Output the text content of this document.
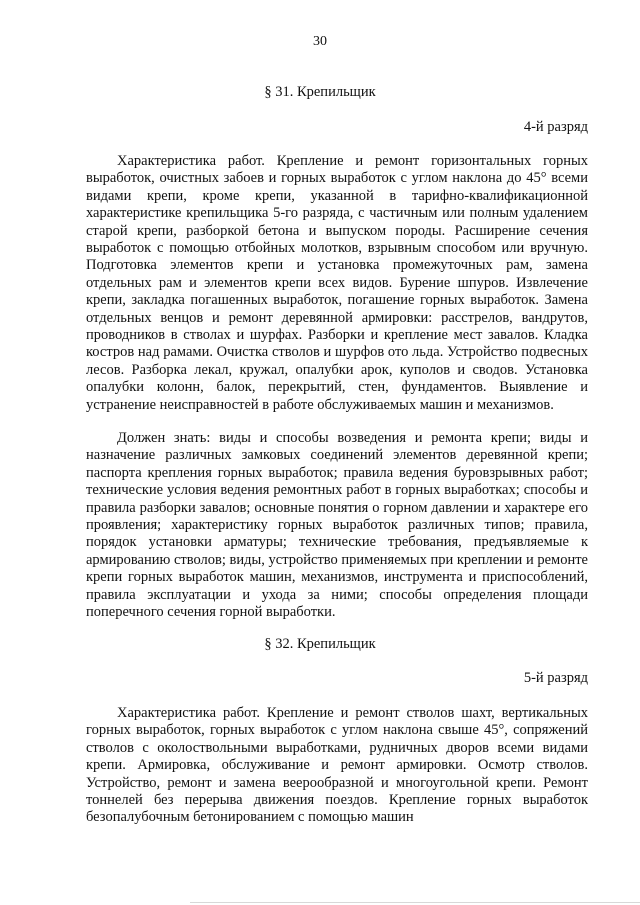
30
§ 31. Крепильщик
4-й разряд

Характеристика работ. Крепление и ремонт горизонтальных горных выработок, очистных забоев и горных выработок с углом наклона до 45° всеми видами крепи, кроме крепи, указанной в тарифно-квалификационной характеристике крепильщика 5-го разряда, с частичным или полным удалением старой крепи, разборкой бетона и выпуском породы. Расширение сечения выработок с помощью отбойных молотков, взрывным способом или вручную. Подготовка элементов крепи и установка промежуточных рам, замена отдельных рам и элементов крепи всех видов. Бурение шпуров. Извлечение крепи, закладка погашенных выработок, погашение горных выработок. Замена отдельных венцов и ремонт деревянной армировки: расстрелов, вандрутов, проводников в стволах и шурфах. Разборки и крепление мест завалов. Кладка костров над рамами. Очистка стволов и шурфов ото льда. Устройство подвесных лесов. Разборка лекал, кружал, опалубки арок, куполов и сводов. Установка опалубки колонн, балок, перекрытий, стен, фундаментов. Выявление и устранение неисправностей в работе обслуживаемых машин и механизмов.

Должен знать: виды и способы возведения и ремонта крепи; виды и назначение различных замковых соединений элементов деревянной крепи; паспорта крепления горных выработок; правила ведения буровзрывных работ; технические условия ведения ремонтных работ в горных выработках; способы и правила разборки завалов; основные понятия о горном давлении и характере его проявления; характеристику горных выработок различных типов; правила, порядок установки арматуры; технические требования, предъявляемые к армированию стволов; виды, устройство применяемых при креплении и ремонте крепи горных выработок машин, механизмов, инструмента и приспособлений, правила эксплуатации и ухода за ними; способы определения площади поперечного сечения горной выработки.

§ 32. Крепильщик
5-й разряд

Характеристика работ. Крепление и ремонт стволов шахт, вертикальных горных выработок, горных выработок с углом наклона свыше 45°, сопряжений стволов с околоствольными выработками, рудничных дворов всеми видами крепи. Армировка, обслуживание и ремонт армировки. Осмотр стволов. Устройство, ремонт и замена веерообразной и многоугольной крепи. Ремонт тоннелей без перерыва движения поездов. Крепление горных выработок безопалубочным бетонированием с помощью машин
